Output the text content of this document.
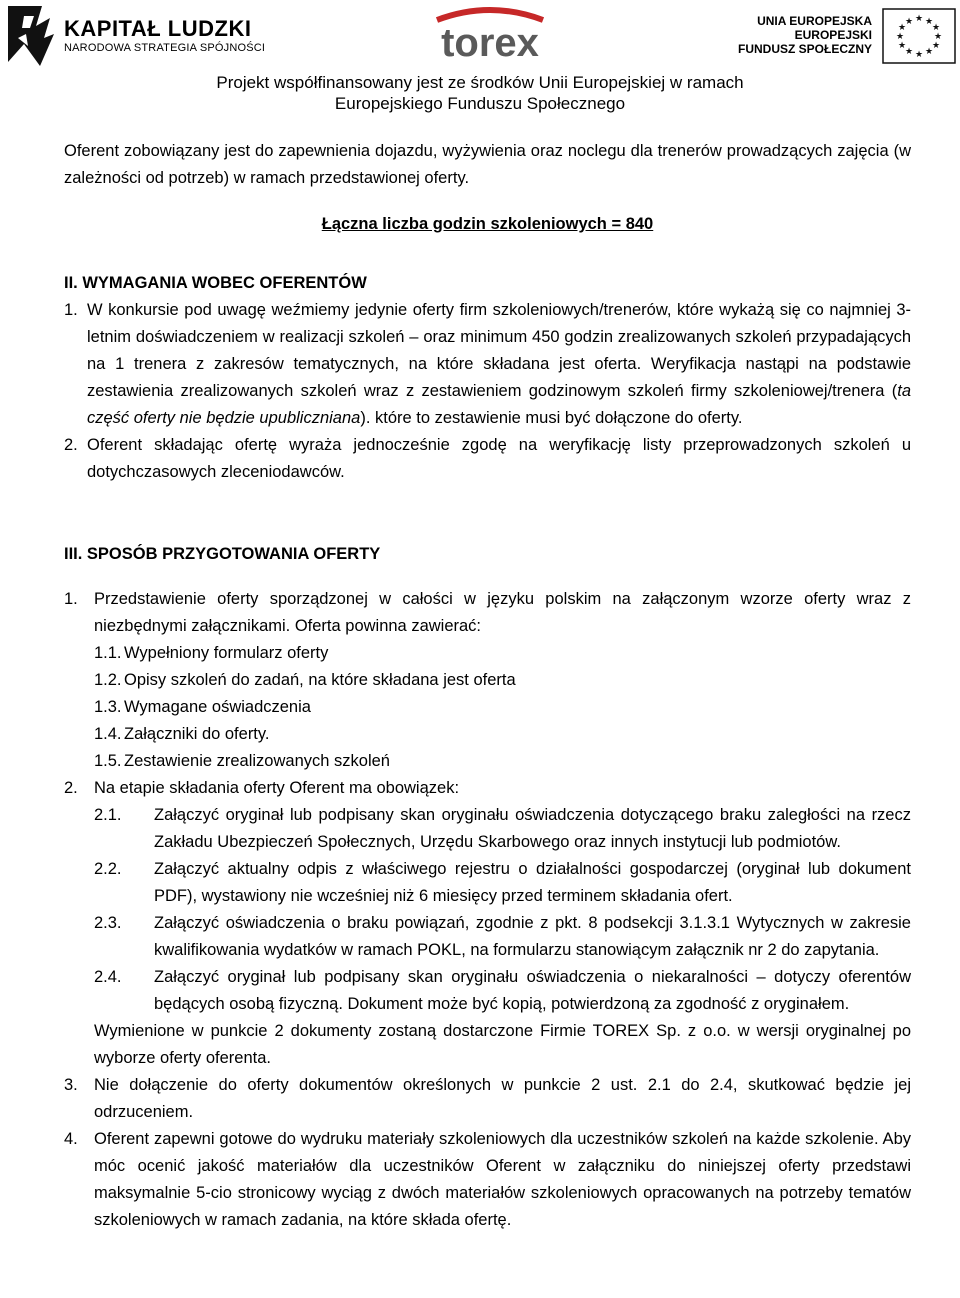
KAPITAŁ LUDZKI
NARODOWA STRATEGIA SPÓJNOŚCI	torex	UNIA EUROPEJSKA
EUROPEJSKI
FUNDUSZ SPOŁECZNY
★ ★
★
★
★
★
★
★
★
★
★
★
Projekt współfinansowany jest ze środków Unii Europejskiej w ramach
Europejskiego Funduszu Społecznego

Oferent zobowiązany jest do zapewnienia dojazdu, wyżywienia oraz noclegu dla trenerów prowadzących zajęcia (w zależności od potrzeb) w ramach przedstawionej oferty.

Łączna liczba godzin szkoleniowych = 840

II. WYMAGANIA WOBEC OFERENTÓW

1. W konkursie pod uwagę weźmiemy jedynie oferty firm szkoleniowych/trenerów, które wykażą się co najmniej 3-letnim doświadczeniem w realizacji szkoleń – oraz minimum 450 godzin zrealizowanych szkoleń przypadających na 1 trenera z zakresów tematycznych, na które składana jest oferta. Weryfikacja nastąpi na podstawie zestawienia zrealizowanych szkoleń wraz z zestawieniem godzinowym szkoleń firmy szkoleniowej/trenera (ta część oferty nie będzie upubliczniana). które to zestawienie musi być dołączone do oferty.
2. Oferent składając ofertę wyraża jednocześnie zgodę na weryfikację listy przeprowadzonych szkoleń u dotychczasowych zleceniodawców.

III. SPOSÓB PRZYGOTOWANIA OFERTY

1. Przedstawienie oferty sporządzonej w całości w języku polskim na załączonym wzorze oferty wraz z niezbędnymi załącznikami. Oferta powinna zawierać:
1.1. Wypełniony formularz oferty
1.2. Opisy szkoleń do zadań, na które składana jest oferta
1.3. Wymagane oświadczenia
1.4. Załączniki do oferty.
1.5. Zestawienie zrealizowanych szkoleń
2. Na etapie składania oferty Oferent ma obowiązek:
2.1. Załączyć oryginał lub podpisany skan oryginału oświadczenia dotyczącego braku zaległości na rzecz Zakładu Ubezpieczeń Społecznych, Urzędu Skarbowego oraz innych instytucji lub podmiotów.
2.2. Załączyć aktualny odpis z właściwego rejestru o działalności gospodarczej (oryginał lub dokument PDF), wystawiony nie wcześniej niż 6 miesięcy przed terminem składania ofert.
2.3. Załączyć oświadczenia o braku powiązań, zgodnie z pkt. 8 podsekcji 3.1.3.1 Wytycznych w zakresie kwalifikowania wydatków w ramach POKL, na formularzu stanowiącym załącznik nr 2 do zapytania.
2.4. Załączyć oryginał lub podpisany skan oryginału oświadczenia o niekaralności – dotyczy oferentów będących osobą fizyczną. Dokument może być kopią, potwierdzoną za zgodność z oryginałem.
Wymienione w punkcie 2 dokumenty zostaną dostarczone Firmie TOREX Sp. z o.o. w wersji oryginalnej po wyborze oferty oferenta.
3. Nie dołączenie do oferty dokumentów określonych w punkcie 2 ust. 2.1 do 2.4, skutkować będzie jej odrzuceniem.
4. Oferent zapewni gotowe do wydruku materiały szkoleniowych dla uczestników szkoleń na każde szkolenie. Aby móc ocenić jakość materiałów dla uczestników Oferent w załączniku do niniejszej oferty przedstawi maksymalnie 5-cio stronicowy wyciąg z dwóch materiałów szkoleniowych opracowanych na potrzeby tematów szkoleniowych w ramach zadania, na które składa ofertę.
